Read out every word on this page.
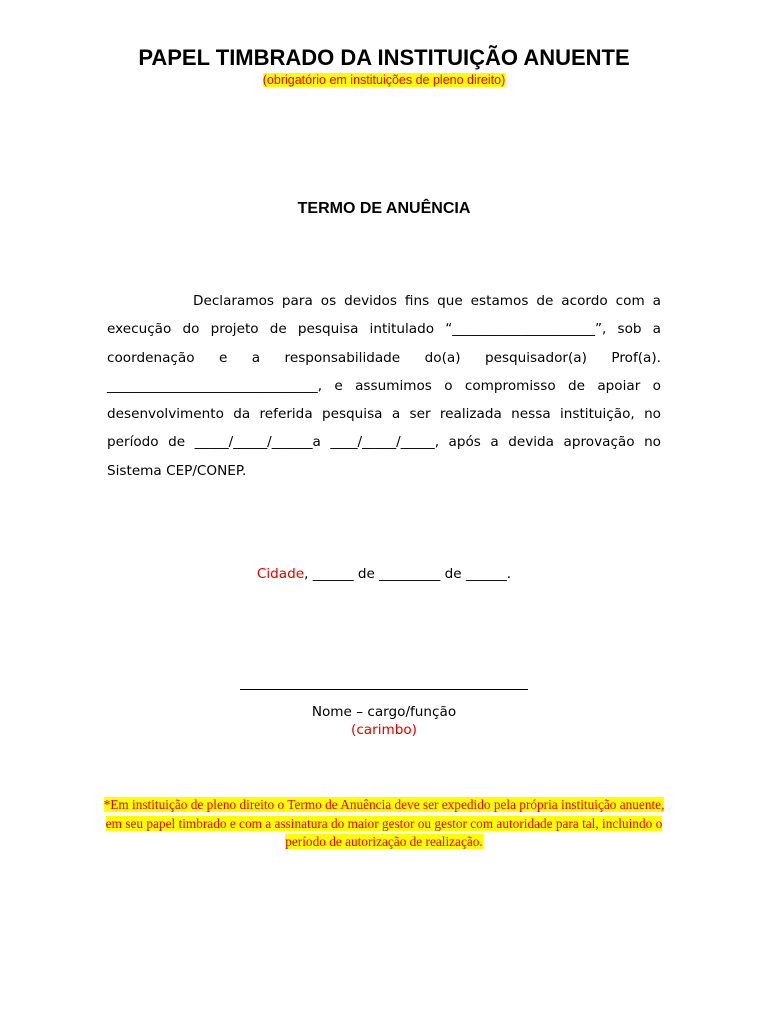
PAPEL TIMBRADO DA INSTITUIÇÃO ANUENTE
(obrigatório em instituições de pleno direito)
TERMO DE ANUÊNCIA

Declaramos para os devidos fins que estamos de acordo com a execução do projeto de pesquisa intitulado “_____________________”, sob a coordenação e a responsabilidade do(a) pesquisador(a) Prof(a). _______________________________, e assumimos o compromisso de apoiar o desenvolvimento da referida pesquisa a ser realizada nessa instituição, no período de _____/_____/______a ____/_____/_____, após a devida aprovação no Sistema CEP/CONEP.

Cidade, ______ de _________ de ______.
Nome – cargo/função
(carimbo)
*Em instituição de pleno direito o Termo de Anuência deve ser expedido pela própria instituição anuente, em seu papel timbrado e com a assinatura do maior gestor ou gestor com autoridade para tal, incluindo o período de autorização de realização.
